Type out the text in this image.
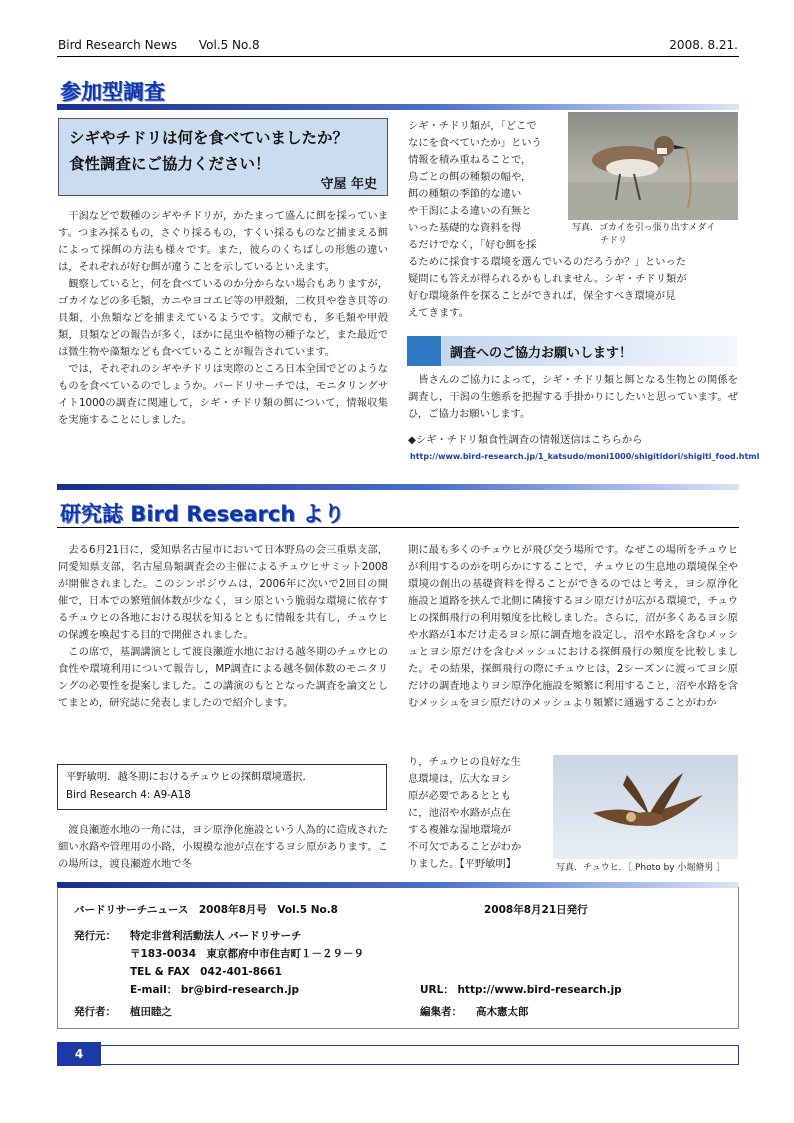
Bird Research News Vol.5 No.8	2008. 8.21.
参加型調査
シギやチドリは何を食べていましたか？
食性調査にご協力ください！
守屋 年史

干潟などで数種のシギやチドリが，かたまって盛んに餌を採っています。つまみ採るもの，さぐり採るもの，すくい採るものなど捕まえる餌によって採餌の方法も様々です。また，彼らのくちばしの形態の違いは，それぞれが好む餌が違うことを示しているといえます。

観察していると，何を食べているのか分からない場合もありますが，ゴカイなどの多毛類，カニやヨコエビ等の甲殻類，二枚貝や巻き貝等の貝類，小魚類などを捕まえているようです。文献でも，多毛類や甲殻類，貝類などの報告が多く，ほかに昆虫や植物の種子など，また最近では微生物や藻類なども食べていることが報告されています。

では，それぞれのシギやチドリは実際のところ日本全国でどのようなものを食べているのでしょうか。バードリサーチでは，モニタリングサイト1000の調査に関連して，シギ・チドリ類の餌について，情報収集を実施することにしました。

シギ・チドリ類が，「どこで
なにを食べていたか」という
情報を積み重ねることで，
鳥ごとの餌の種類の幅や，
餌の種類の季節的な違い
や干潟による違いの有無と
いった基礎的な資料を得
るだけでなく，「好む餌を採
写真．ゴカイを引っ張り出すメダイ
チドリ
るために採食する環境を選んでいるのだろうか？」といった
疑問にも答えが得られるかもしれません。シギ・チドリ類が
好む環境条件を探ることができれば，保全すべき環境が見
えてきます。
調査へのご協力お願いします！

皆さんのご協力によって，シギ・チドリ類と餌となる生物との関係を調査し，干潟の生態系を把握する手掛かりにしたいと思っています。ぜひ，ご協力お願いします。

◆シギ・チドリ類食性調査の情報送信はこちらから
http://www.bird-research.jp/1_katsudo/moni1000/shigitidori/shigiti_food.html
研究誌 Bird Research より

去る6月21日に，愛知県名古屋市において日本野鳥の会三重県支部，同愛知県支部，名古屋鳥類調査会の主催によるチュウヒサミット2008が開催されました。このシンポジウムは，2006年に次いで2回目の開催で，日本での繁殖個体数が少なく，ヨシ原という脆弱な環境に依存するチュウヒの各地における現状を知るとともに情報を共有し，チュウヒの保護を喚起する目的で開催されました。

この席で，基調講演として渡良瀬遊水地における越冬期のチュウヒの食性や環境利用について報告し，MP調査による越冬個体数のモニタリングの必要性を提案しました。この講演のもととなった調査を論文としてまとめ，研究誌に発表しましたので紹介します。

平野敏明．越冬期におけるチュウヒの探餌環境選択．
Bird Research 4: A9-A18

渡良瀬遊水地の一角には，ヨシ原浄化施設という人為的に造成された細い水路や管理用の小路，小規模な池が点在するヨシ原があります。この場所は，渡良瀬遊水地で冬

期に最も多くのチュウヒが飛び交う場所です。なぜこの場所をチュウヒが利用するのかを明らかにすることで，チュウヒの生息地の環境保全や環境の創出の基礎資料を得ることができるのではと考え，ヨシ原浄化施設と道路を挟んで北側に隣接するヨシ原だけが広がる環境で，チュウヒの探餌飛行の利用頻度を比較しました。さらに，沼が多くあるヨシ原や水路が1本だけ走るヨシ原に調査地を設定し，沼や水路を含むメッシュとヨシ原だけを含むメッシュにおける探餌飛行の頻度を比較しました。その結果，探餌飛行の際にチュウヒは，2シーズンに渡ってヨシ原だけの調査地よりヨシ原浄化施設を頻繁に利用すること，沼や水路を含むメッシュをヨシ原だけのメッシュより頻繁に通過することがわか

り，チュウヒの良好な生
息環境は，広大なヨシ
原が必要であるととも
に，池沼や水路が点在
する複雑な湿地環境が
不可欠であることがわか
りました。【平野敏明】	写真．チュウヒ．［ Photo by 小堀脩男 ］
バードリサーチニュース　2008年8月号　Vol.5 No.8	2008年8月21日発行
発行元： 特定非営利活動法人 バードリサーチ
〒183-0034　東京都府中市住吉町１－２９－９
TEL & FAX　042-401-8661
E-mail： br@bird-research.jp	URL： http://www.bird-research.jp
発行者： 植田睦之	編集者： 高木憲太郎
4
